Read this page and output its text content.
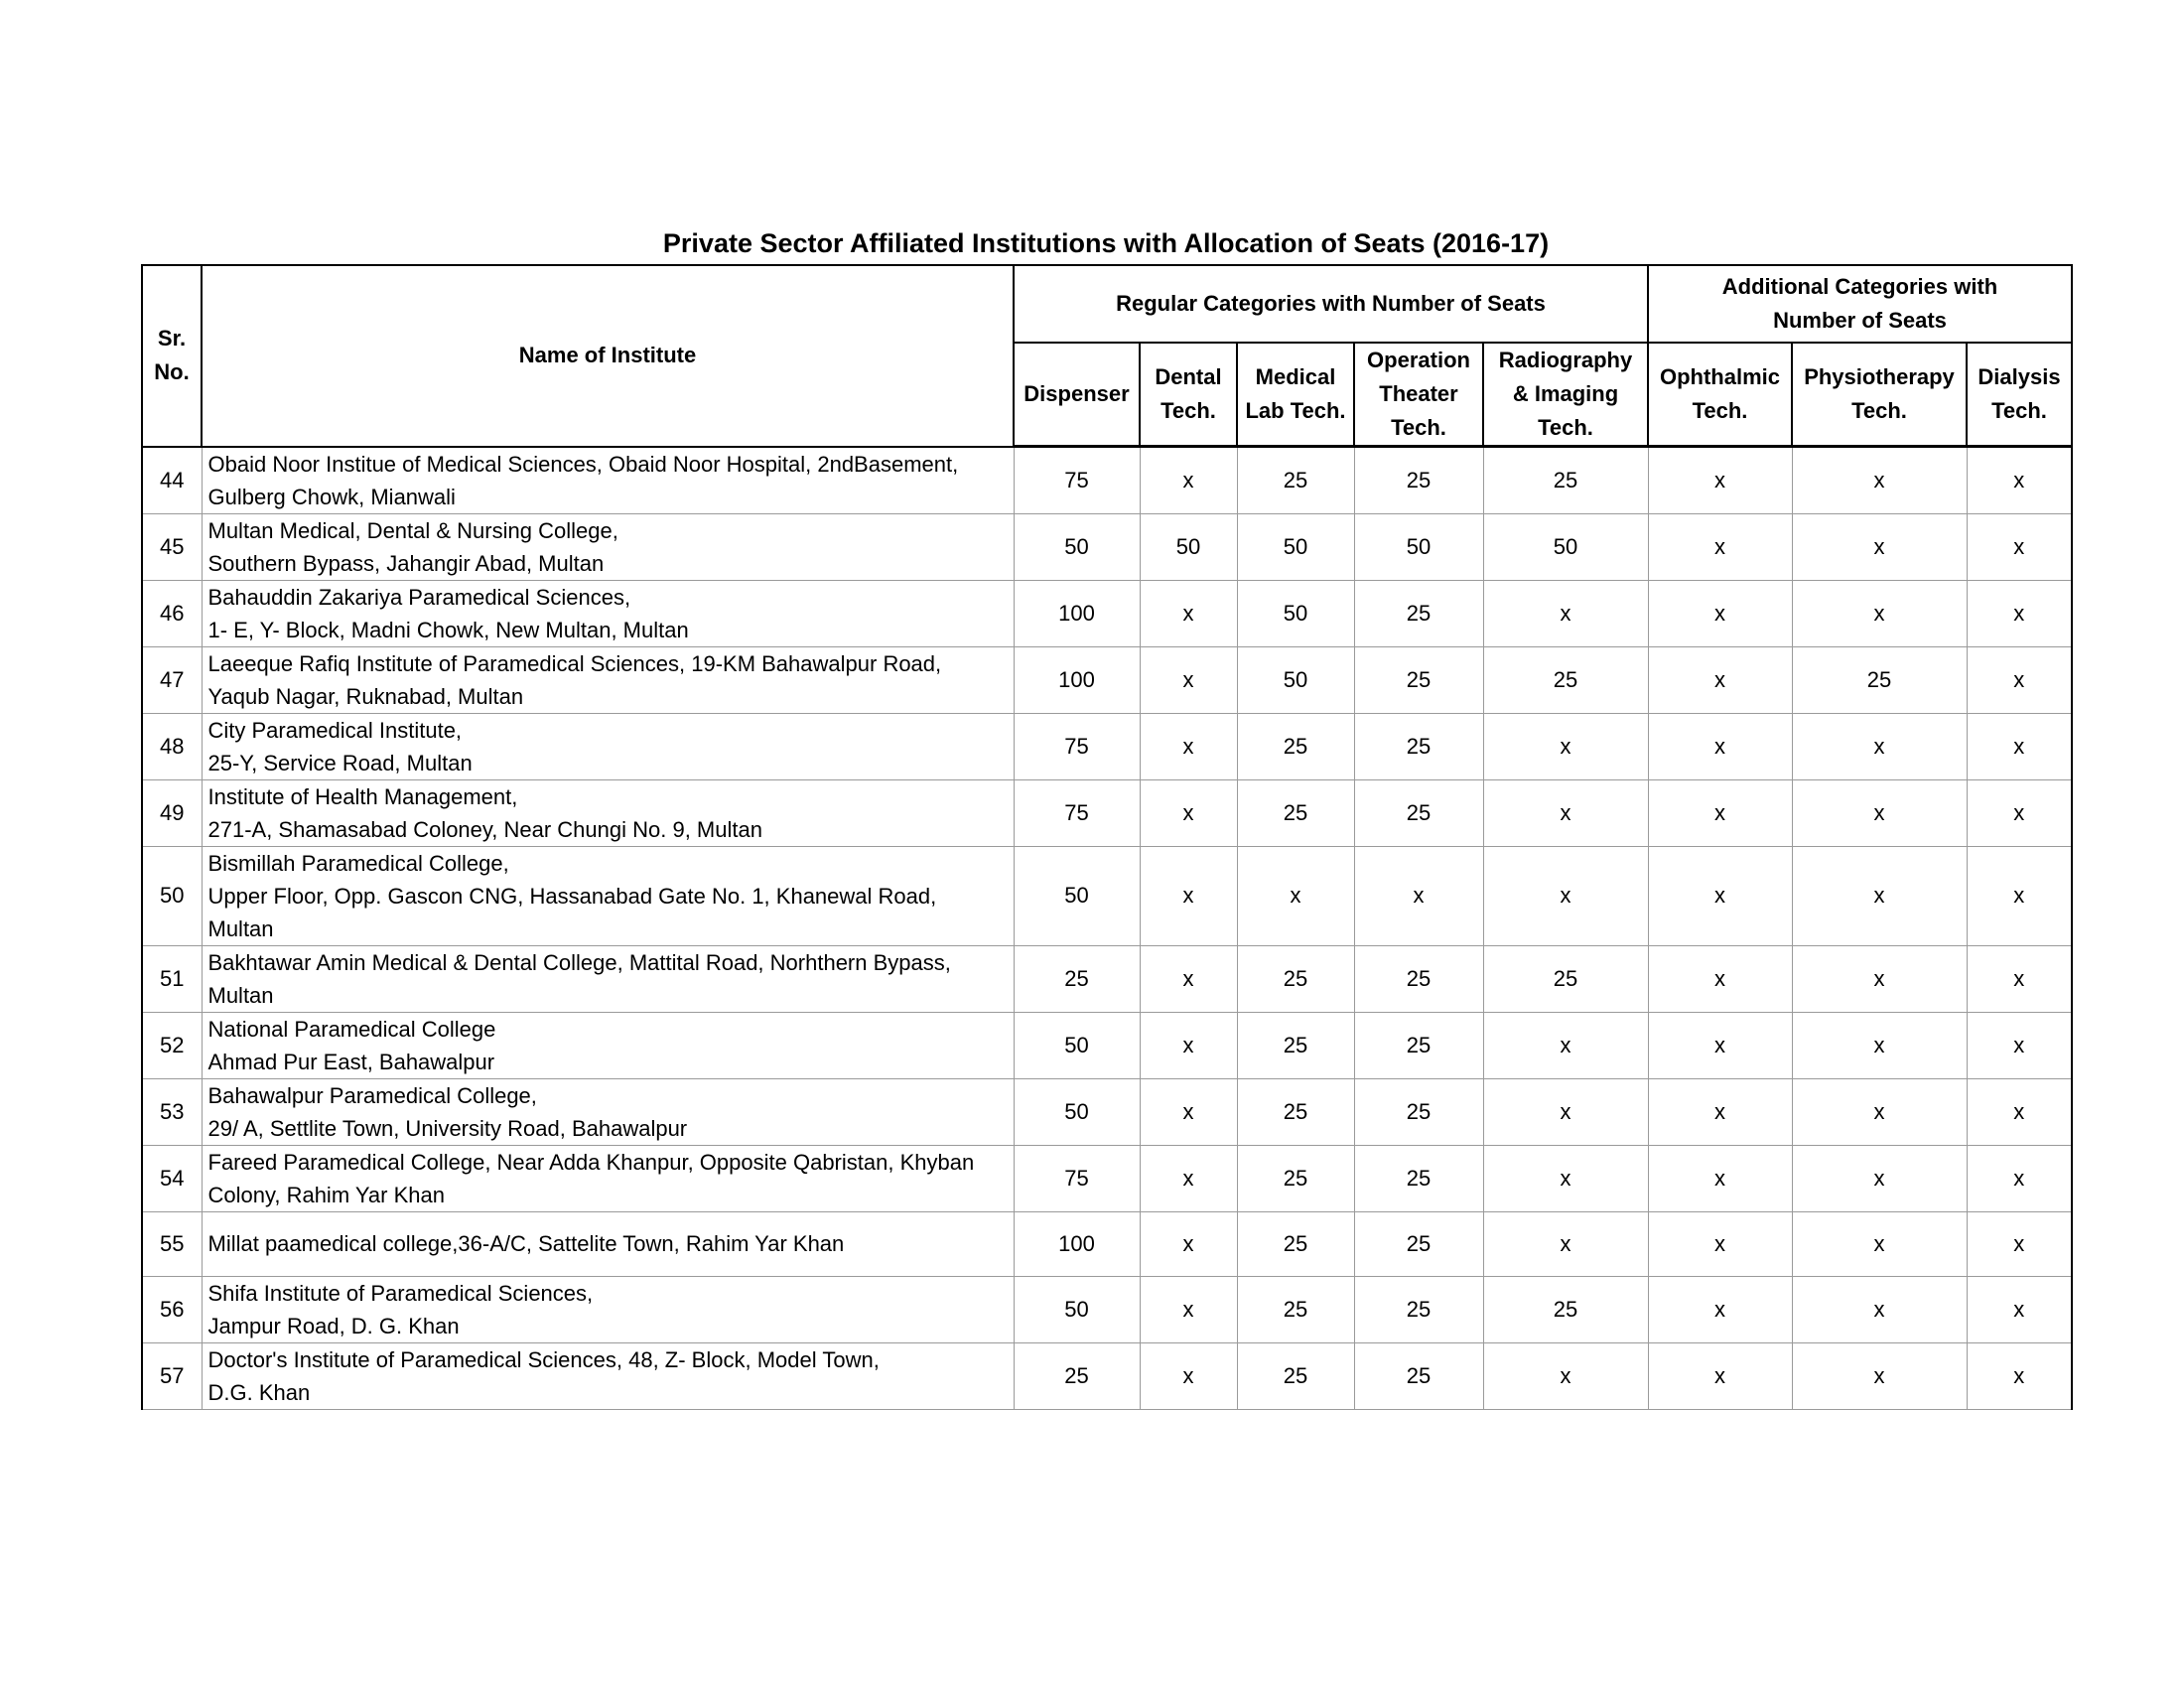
Private Sector Affiliated Institutions with Allocation of Seats (2016-17)
Sr. No.	Name of Institute	Regular Categories with Number of Seats					Additional Categories with Number of Seats		
		Dispenser	Dental Tech.	Medical Lab Tech.	Operation Theater Tech.	Radiography & Imaging Tech.	Ophthalmic Tech.	Physiotherapy Tech.	Dialysis Tech.
44	Obaid Noor Institue of Medical Sciences, Obaid Noor Hospital, 2ndBasement,
Gulberg Chowk, Mianwali	75	x	25	25	25	x	x	x
45	Multan Medical, Dental & Nursing College,
Southern Bypass, Jahangir Abad, Multan	50	50	50	50	50	x	x	x
46	Bahauddin Zakariya Paramedical Sciences,
1- E, Y- Block, Madni Chowk, New Multan, Multan	100	x	50	25	x	x	x	x
47	Laeeque Rafiq Institute of Paramedical Sciences, 19-KM Bahawalpur Road,
Yaqub Nagar, Ruknabad, Multan	100	x	50	25	25	x	25	x
48	City Paramedical Institute,
25-Y, Service Road, Multan	75	x	25	25	x	x	x	x
49	Institute of Health Management,
271-A, Shamasabad Coloney, Near Chungi No. 9, Multan	75	x	25	25	x	x	x	x
50	Bismillah Paramedical College,
Upper Floor, Opp. Gascon CNG, Hassanabad Gate No. 1, Khanewal Road,
Multan	50	x	x	x	x	x	x	x
51	Bakhtawar Amin Medical & Dental College, Mattital Road, Norhthern Bypass,
Multan	25	x	25	25	25	x	x	x
52	National Paramedical College
Ahmad Pur East, Bahawalpur	50	x	25	25	x	x	x	x
53	Bahawalpur Paramedical College,
29/ A, Settlite Town, University Road, Bahawalpur	50	x	25	25	x	x	x	x
54	Fareed Paramedical College, Near Adda Khanpur, Opposite Qabristan, Khyban
Colony, Rahim Yar Khan	75	x	25	25	x	x	x	x
55	Millat paamedical college,36-A/C, Sattelite Town, Rahim Yar Khan	100	x	25	25	x	x	x	x
56	Shifa Institute of Paramedical Sciences,
Jampur Road, D. G. Khan	50	x	25	25	25	x	x	x
57	Doctor's Institute of Paramedical Sciences, 48, Z- Block, Model Town,
D.G. Khan	25	x	25	25	x	x	x	x
